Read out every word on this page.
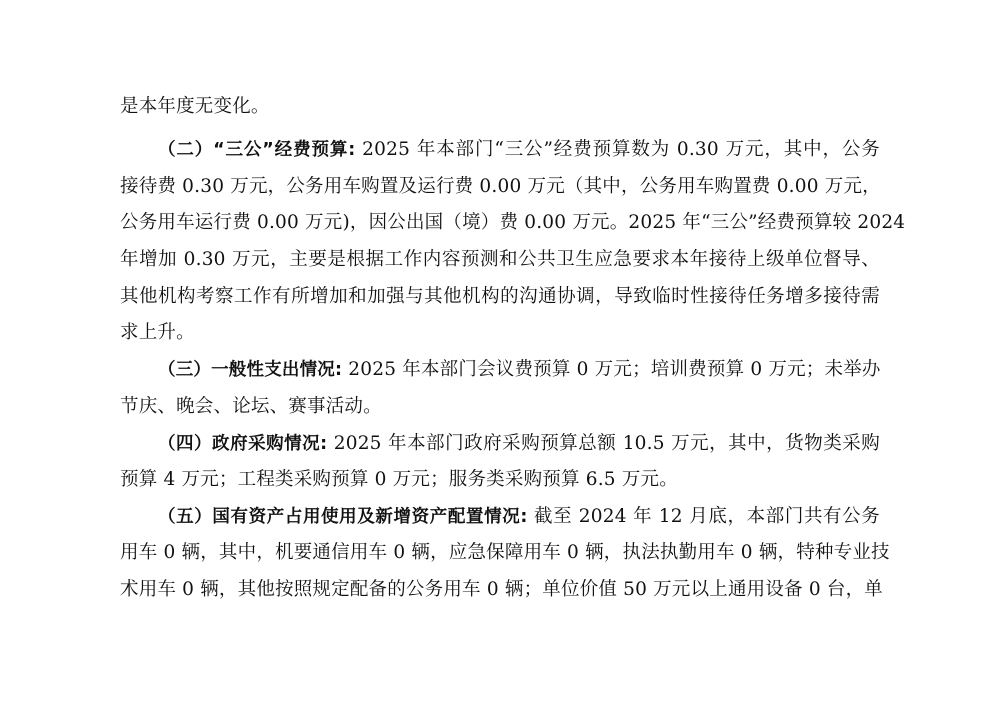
是本年度无变化。
（二）“三公”经费预算: 2025 年本部门“三公”经费预算数为 0.30 万元，其中，公务
接待费 0.30 万元，公务用车购置及运行费 0.00 万元（其中，公务用车购置费 0.00 万元，
公务用车运行费 0.00 万元)，因公出国（境）费 0.00 万元。2025 年“三公”经费预算较 2024
年增加 0.30 万元，主要是根据工作内容预测和公共卫生应急要求本年接待上级单位督导、
其他机构考察工作有所增加和加强与其他机构的沟通协调，导致临时性接待任务增多接待需
求上升。
（三）一般性支出情况: 2025 年本部门会议费预算 0 万元；培训费预算 0 万元；未举办
节庆、晚会、论坛、赛事活动。
（四）政府采购情况: 2025 年本部门政府采购预算总额 10.5 万元，其中，货物类采购
预算 4 万元；工程类采购预算 0 万元；服务类采购预算 6.5 万元。
（五）国有资产占用使用及新增资产配置情况: 截至 2024 年 12 月底，本部门共有公务
用车 0 辆，其中，机要通信用车 0 辆，应急保障用车 0 辆，执法执勤用车 0 辆，特种专业技
术用车 0 辆，其他按照规定配备的公务用车 0 辆；单位价值 50 万元以上通用设备 0 台，单
